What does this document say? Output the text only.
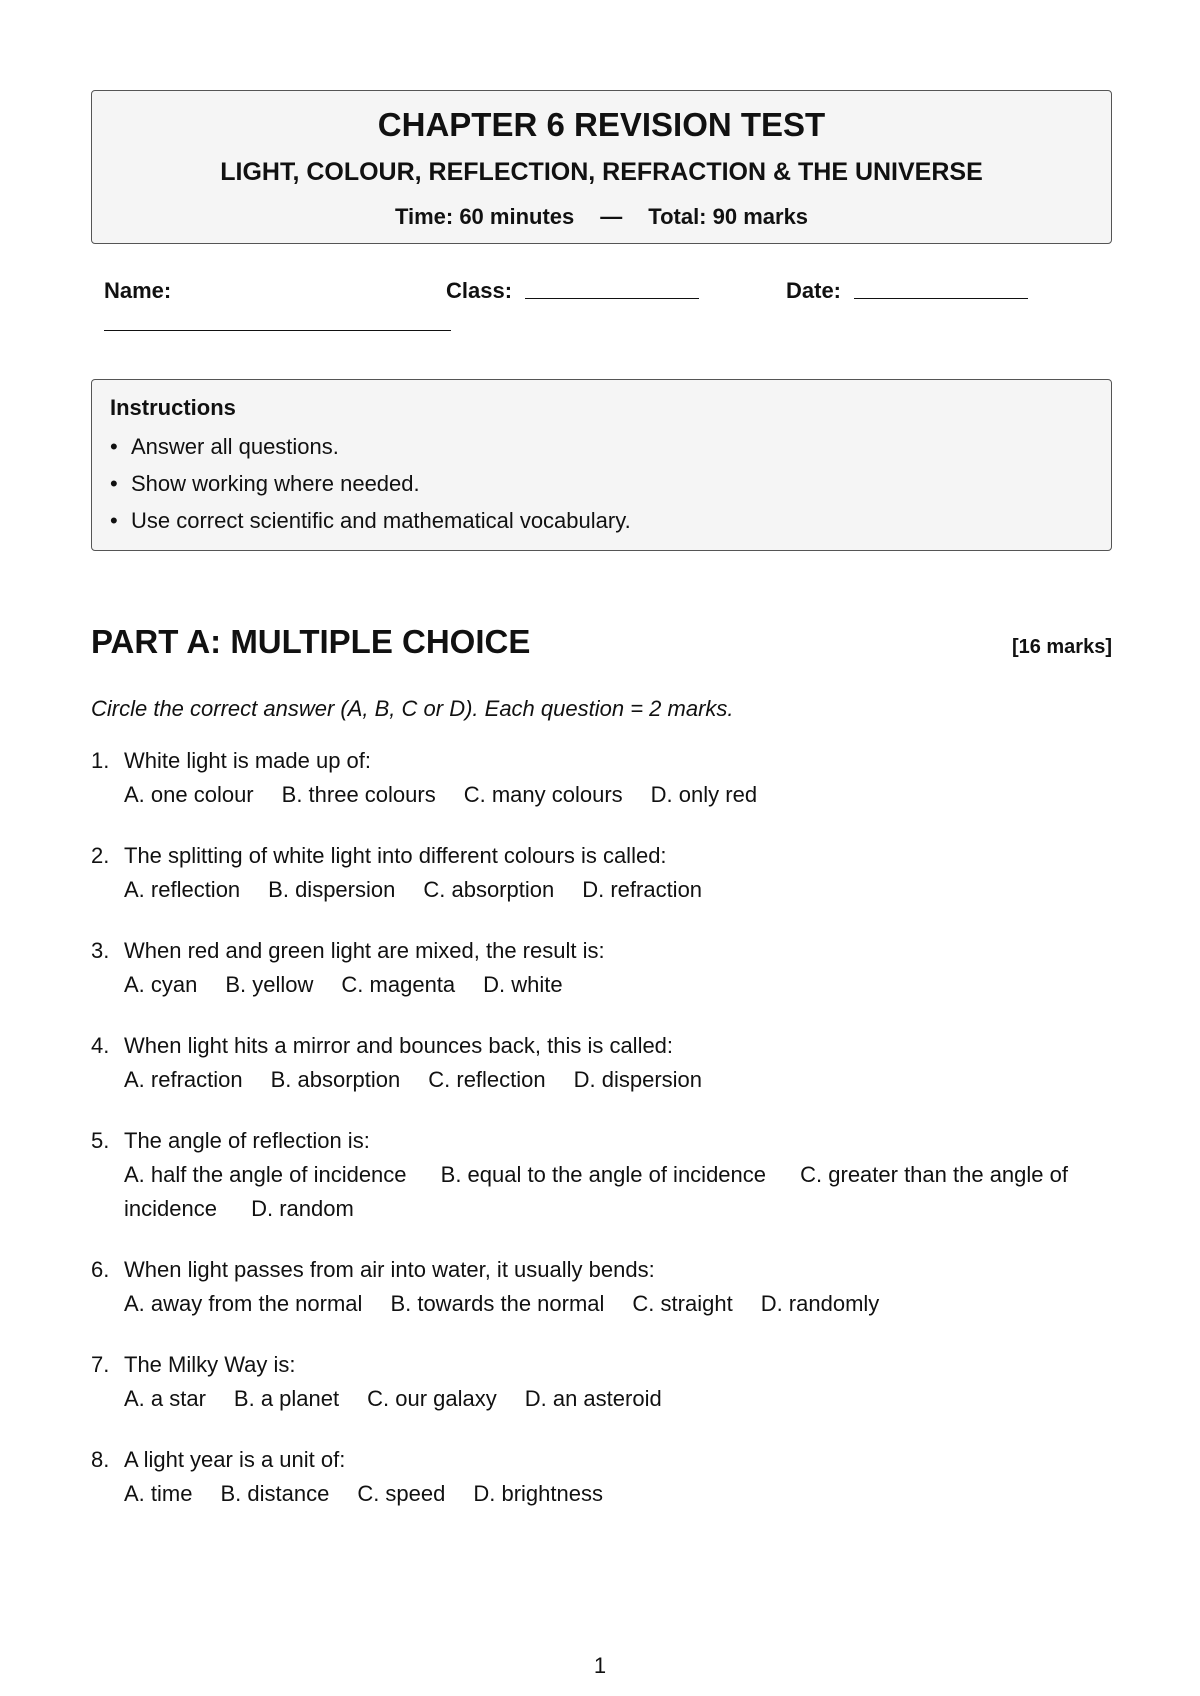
CHAPTER 6 REVISION TEST
LIGHT, COLOUR, REFLECTION, REFRACTION & THE UNIVERSE
Time: 60 minutes — Total: 90 marks
Name:	Class:	Date:
Instructions
• Answer all questions.
• Show working where needed.
• Use correct scientific and mathematical vocabulary.
PART A: MULTIPLE CHOICE	[16 marks]
Circle the correct answer (A, B, C or D). Each question = 2 marks.
1. White light is made up of:
A. one colour B. three colours C. many colours D. only red
2. The splitting of white light into different colours is called:
A. reflection B. dispersion C. absorption D. refraction
3. When red and green light are mixed, the result is:
A. cyan B. yellow C. magenta D. white
4. When light hits a mirror and bounces back, this is called:
A. refraction B. absorption C. reflection D. dispersion
5. The angle of reflection is:
A. half the angle of incidence B. equal to the angle of incidence C. greater than the angle of incidence D. random
6. When light passes from air into water, it usually bends:
A. away from the normal B. towards the normal C. straight D. randomly
7. The Milky Way is:
A. a star B. a planet C. our galaxy D. an asteroid
8. A light year is a unit of:
A. time B. distance C. speed D. brightness
1
